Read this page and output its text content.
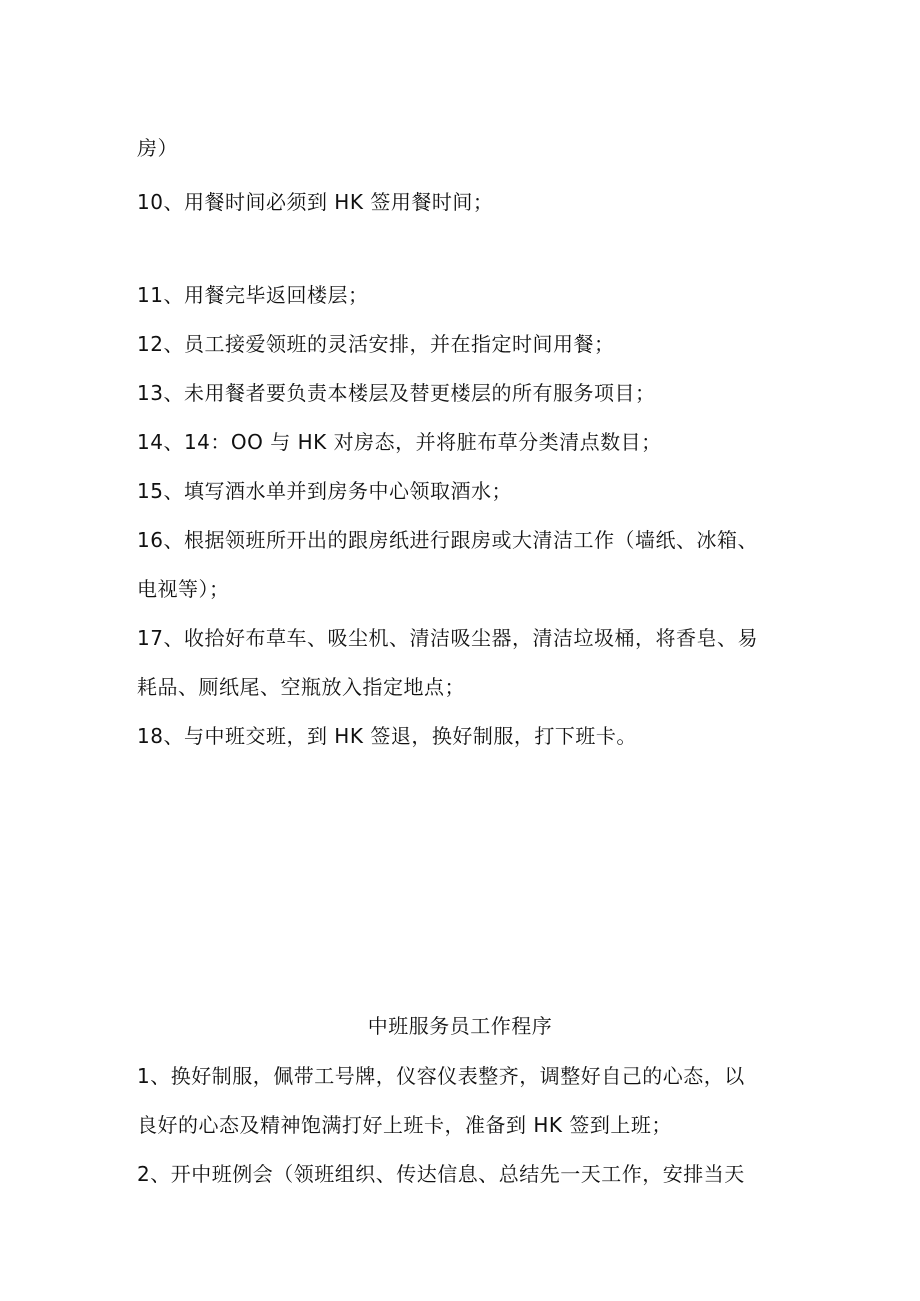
房）
10、用餐时间必须到 HK 签用餐时间；
11、用餐完毕返回楼层；
12、员工接爱领班的灵活安排，并在指定时间用餐；
13、未用餐者要负责本楼层及替更楼层的所有服务项目；
14、14：OO 与 HK 对房态，并将脏布草分类清点数目；
15、填写酒水单并到房务中心领取酒水；
16、根据领班所开出的跟房纸进行跟房或大清洁工作（墙纸、冰箱、
电视等）；
17、收拾好布草车、吸尘机、清洁吸尘器，清洁垃圾桶，将香皂、易
耗品、厕纸尾、空瓶放入指定地点；
18、与中班交班，到 HK 签退，换好制服，打下班卡。
中班服务员工作程序
1、换好制服，佩带工号牌，仪容仪表整齐，调整好自己的心态，以
良好的心态及精神饱满打好上班卡，准备到 HK 签到上班；
2、开中班例会（领班组织、传达信息、总结先一天工作，安排当天
